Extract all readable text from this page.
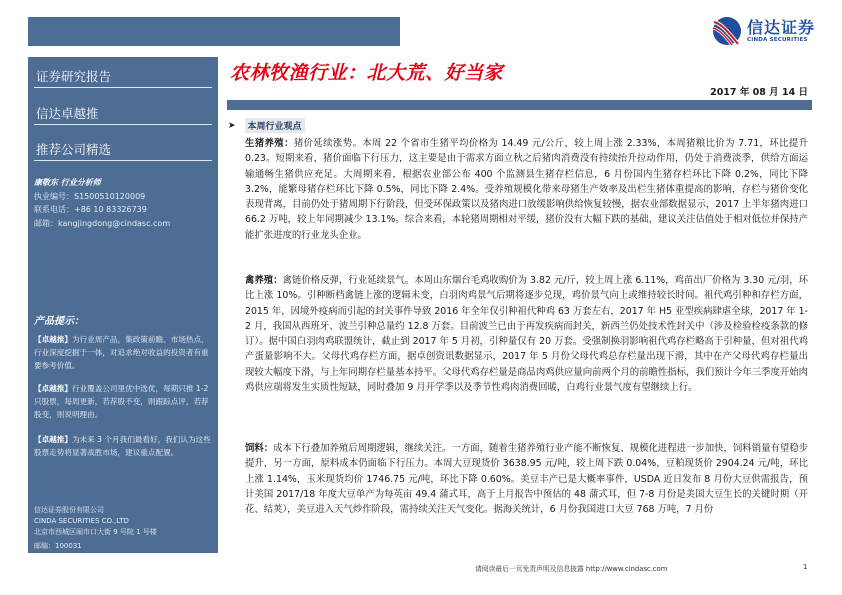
信达证券
CINDA SECURITIES
证券研究报告
信达卓越推
推荐公司精选
康敬东 行业分析师
执业编号：S1500510120009
联系电话：+86 10 83326739
邮箱：kangjingdong@cindasc.com
产品提示：
【卓越推】为行业周产品，集政策前瞻、市场热点、行业深度挖掘于一体，对追求绝对收益的投资者有重要参考价值。
【卓越推】行业覆盖公司里优中选优，每期只推 1-2 只股票，每周更新，若荐股不变，则跟踪点评，若荐股变，则说明理由。
【卓越推】为未来 3 个月我们最看好，我们认为这些股票走势将显著战胜市场，建议重点配置。
信达证券股份有限公司
CINDA SECURITIES CO.,LTD
北京市西城区闹市口大街 9 号院 1 号楼
邮编：100031
农林牧渔行业：北大荒、好当家
2017 年 08 月 14 日
➤	本周行业观点
生猪养殖：猪价延续涨势。本周 22 个省市生猪平均价格为 14.49 元/公斤，较上周上涨 2.33%，本周猪粮比价为 7.71，环比提升 0.23。短期来看，猪价面临下行压力，这主要是由于需求方面立秋之后猪肉消费没有持续抬升拉动作用，仍处于消费淡季，供给方面运输通畅生猪供应充足。大周期来看，根据农业部公布 400 个监测县生猪存栏信息，6 月份国内生猪存栏环比下降 0.2%，同比下降 3.2%，能繁母猪存栏环比下降 0.5%，同比下降 2.4%。受养殖规模化带来母猪生产效率及出栏生猪体重提高的影响，存栏与猪价变化表现背离，目前仍处于猪周期下行阶段，但受环保政策以及猪肉进口放缓影响供给恢复较慢，据农业部数据显示，2017 上半年猪肉进口 66.2 万吨，较上年同期减少 13.1%。综合来看，本轮猪周期相对平缓，猪价没有大幅下跌的基础，建议关注估值处于相对低位并保持产能扩张进度的行业龙头企业。
禽养殖：禽链价格反弹，行业延续景气。本周山东烟台毛鸡收购价为 3.82 元/斤，较上周上涨 6.11%，鸡苗出厂价格为 3.30 元/羽，环比上涨 10%。引种断档禽链上涨的逻辑未变，白羽肉鸡景气后期将逐步兑现，鸡价景气向上或维持较长时间。祖代鸡引种和存栏方面，2015 年，因境外疫病而引起的封关事件导致 2016 年全年仅引种祖代种鸡 63 万套左右，2017 年 H5 亚型疾病肆虐全球，2017 年 1-2 月，我国从西班牙、波兰引种总量约 12.8 万套。目前波兰已由于再发疾病而封关，新西兰仍处技术性封关中（涉及检验检疫条款的修订）。据中国白羽肉鸡联盟统计，截止到 2017 年 5 月初，引种量仅有 20 万套。受强制换羽影响祖代鸡存栏略高于引种量，但对祖代鸡产蛋量影响不大。父母代鸡存栏方面，据卓创资讯数据显示，2017 年 5 月份父母代鸡总存栏量出现下滑，其中在产父母代鸡存栏量出现较大幅度下滑，与上年同期存栏量基本持平。父母代鸡存栏量是商品肉鸡供应量向前两个月的前瞻性指标，我们预计今年三季度开始肉鸡供应端将发生实质性短缺，同时叠加 9 月开学季以及季节性鸡肉消费回暖，白鸡行业景气度有望继续上行。
饲料：成本下行叠加养殖后周期逻辑，继续关注。一方面，随着生猪养殖行业产能不断恢复、规模化进程进一步加快，饲料销量有望稳步提升，另一方面，原料成本仍面临下行压力。本周大豆现货价 3638.95 元/吨，较上周下跌 0.04%，豆粕现货价 2904.24 元/吨，环比上涨 1.14%，玉米现货均价 1746.75 元/吨，环比下降 0.60%。美豆丰产已是大概率事件，USDA 近日发布 8 月份大豆供需报告，预计美国 2017/18 年度大豆单产为每英亩 49.4 蒲式耳，高于上月报告中预估的 48 蒲式耳，但 7-8 月份是美国大豆生长的关键时期（开花、结荚），美豆进入天气炒作阶段，需持续关注天气变化。据海关统计，6 月份我国进口大豆 768 万吨，7 月份
请阅读最后一页免责声明及信息披露 http://www.cindasc.com	1
